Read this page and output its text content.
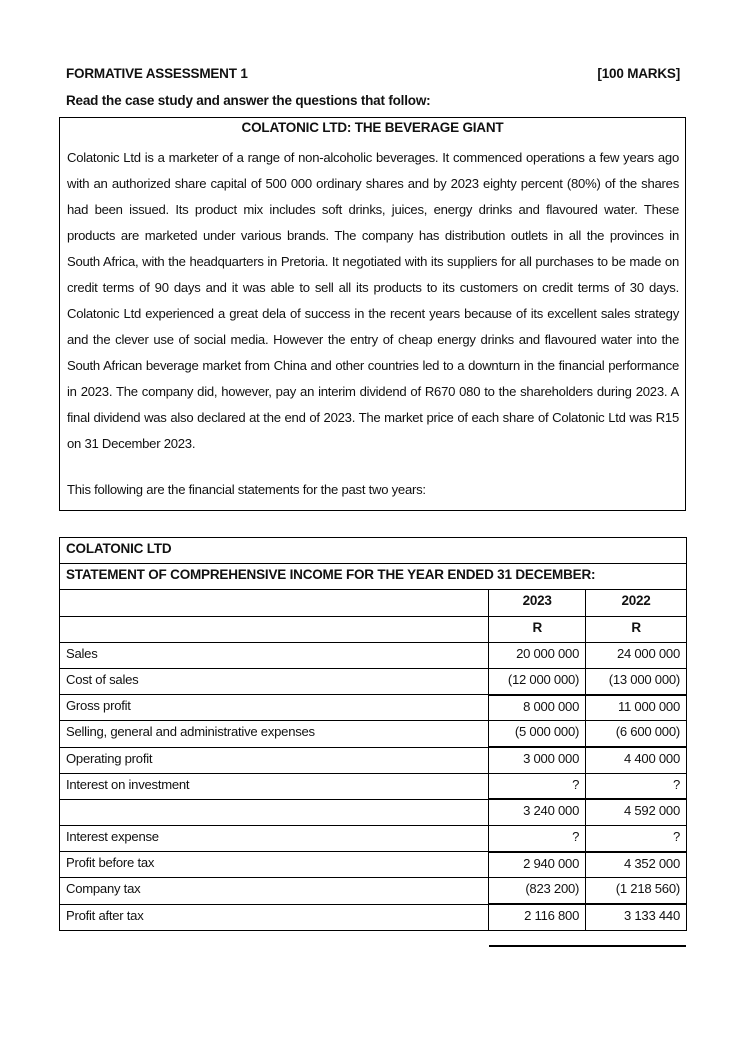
FORMATIVE ASSESSMENT 1	[100 MARKS]
Read the case study and answer the questions that follow:
COLATONIC LTD: THE BEVERAGE GIANT

Colatonic Ltd is a marketer of a range of non-alcoholic beverages. It commenced operations a few years ago with an authorized share capital of 500 000 ordinary shares and by 2023 eighty percent (80%) of the shares had been issued. Its product mix includes soft drinks, juices, energy drinks and flavoured water. These products are marketed under various brands. The company has distribution outlets in all the provinces in South Africa, with the headquarters in Pretoria. It negotiated with its suppliers for all purchases to be made on credit terms of 90 days and it was able to sell all its products to its customers on credit terms of 30 days. Colatonic Ltd experienced a great dela of success in the recent years because of its excellent sales strategy and the clever use of social media. However the entry of cheap energy drinks and flavoured water into the South African beverage market from China and other countries led to a downturn in the financial performance in 2023. The company did, however, pay an interim dividend of R670 080 to the shareholders during 2023. A final dividend was also declared at the end of 2023. The market price of each share of Colatonic Ltd was R15 on 31 December 2023.

This following are the financial statements for the past two years:
COLATONIC LTD		
STATEMENT OF COMPREHENSIVE INCOME FOR THE YEAR ENDED 31 DECEMBER:		
	2023	2022
	R	R
Sales	20 000 000	24 000 000
Cost of sales	(12 000 000)	(13 000 000)
Gross profit	8 000 000	11 000 000
Selling, general and administrative expenses	(5 000 000)	(6 600 000)
Operating profit	3 000 000	4 400 000
Interest on investment	?	?
	3 240 000	4 592 000
Interest expense	?	?
Profit before tax	2 940 000	4 352 000
Company tax	(823 200)	(1 218 560)
Profit after tax	2 116 800	3 133 440
